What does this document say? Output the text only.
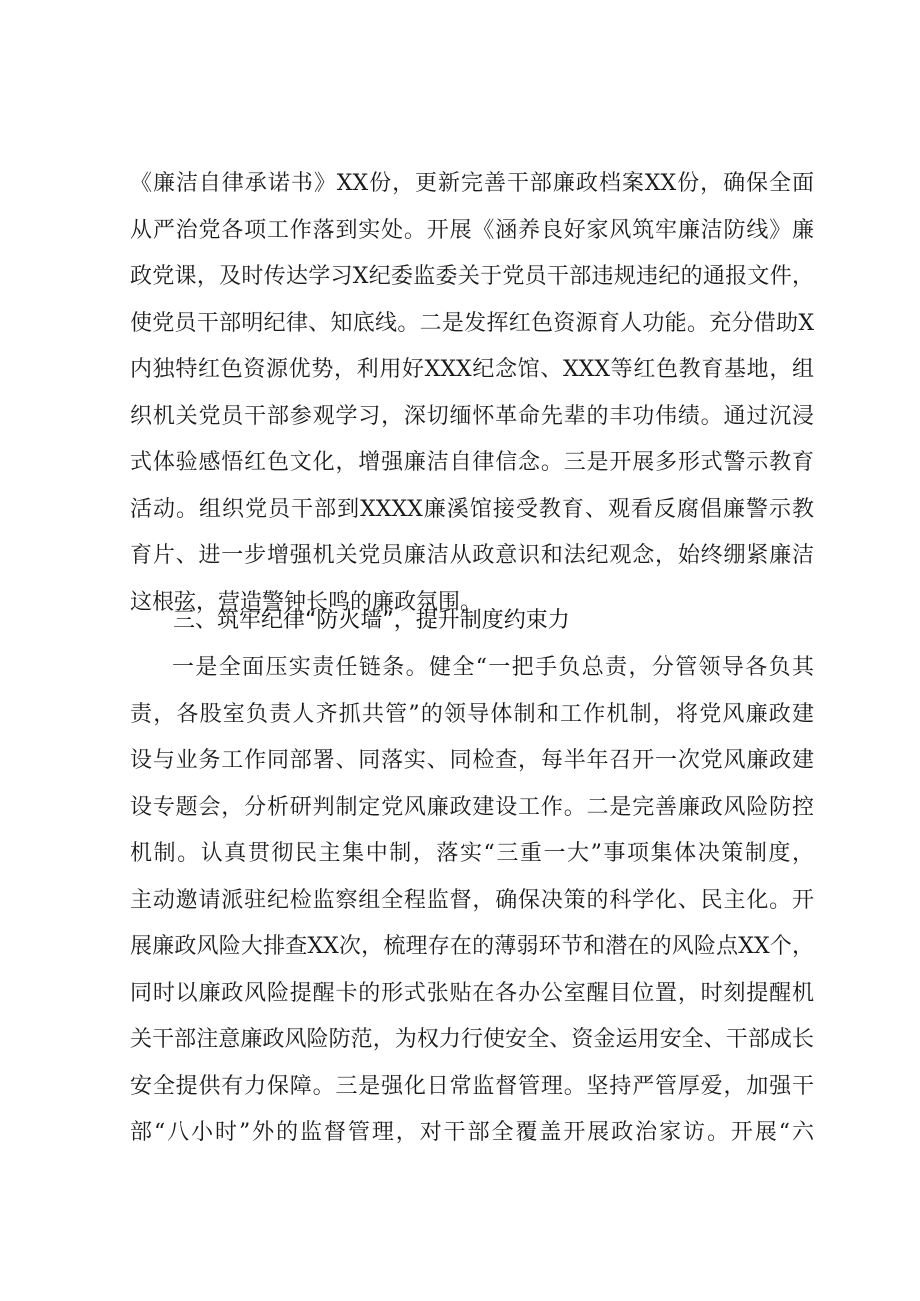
《廉洁自律承诺书》XX份，更新完善干部廉政档案XX份，确保全面
从严治党各项工作落到实处。开展《涵养良好家风筑牢廉洁防线》廉
政党课，及时传达学习X纪委监委关于党员干部违规违纪的通报文件，
使党员干部明纪律、知底线。二是发挥红色资源育人功能。充分借助X
内独特红色资源优势，利用好XXX纪念馆、XXX等红色教育基地，组
织机关党员干部参观学习，深切缅怀革命先辈的丰功伟绩。通过沉浸
式体验感悟红色文化，增强廉洁自律信念。三是开展多形式警示教育
活动。组织党员干部到XXXX廉溪馆接受教育、观看反腐倡廉警示教
育片、进一步增强机关党员廉洁从政意识和法纪观念，始终绷紧廉洁
这根弦，营造警钟长鸣的廉政氛围。
三、筑牢纪律“防火墙”，提升制度约束力
一是全面压实责任链条。健全“一把手负总责，分管领导各负其
责，各股室负责人齐抓共管”的领导体制和工作机制，将党风廉政建
设与业务工作同部署、同落实、同检查，每半年召开一次党风廉政建
设专题会，分析研判制定党风廉政建设工作。二是完善廉政风险防控
机制。认真贯彻民主集中制，落实“三重一大”事项集体决策制度，
主动邀请派驻纪检监察组全程监督，确保决策的科学化、民主化。开
展廉政风险大排查XX次，梳理存在的薄弱环节和潜在的风险点XX个，
同时以廉政风险提醒卡的形式张贴在各办公室醒目位置，时刻提醒机
关干部注意廉政风险防范，为权力行使安全、资金运用安全、干部成长
安全提供有力保障。三是强化日常监督管理。坚持严管厚爱，加强干
部“八小时”外的监督管理，对干部全覆盖开展政治家访。开展“六
